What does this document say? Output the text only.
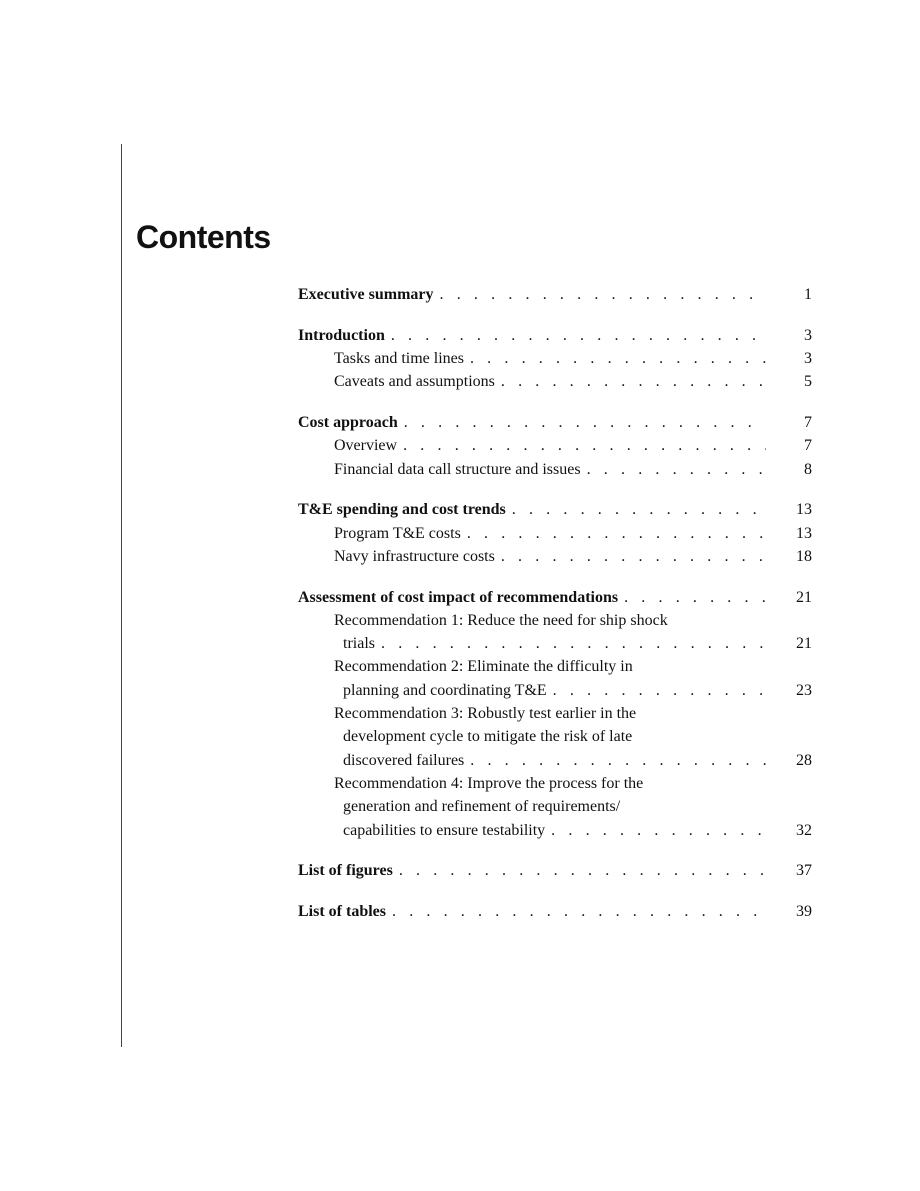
Contents
Executive summary . . .	1
Introduction . . .	3
Tasks and time lines . . .	3
Caveats and assumptions . . .	5
Cost approach . . .	7
Overview . . .	7
Financial data call structure and issues . . .	8
T&E spending and cost trends . . .	13
Program T&E costs . . .	13
Navy infrastructure costs . . .	18
Assessment of cost impact of recommendations . . .	21
Recommendation 1: Reduce the need for ship shock
trials . . .	21
Recommendation 2: Eliminate the difficulty in
planning and coordinating T&E . . .	23
Recommendation 3: Robustly test earlier in the
development cycle to mitigate the risk of late
discovered failures . . .	28
Recommendation 4: Improve the process for the
generation and refinement of requirements/
capabilities to ensure testability . . .	32
List of figures . . .	37
List of tables . . .	39
